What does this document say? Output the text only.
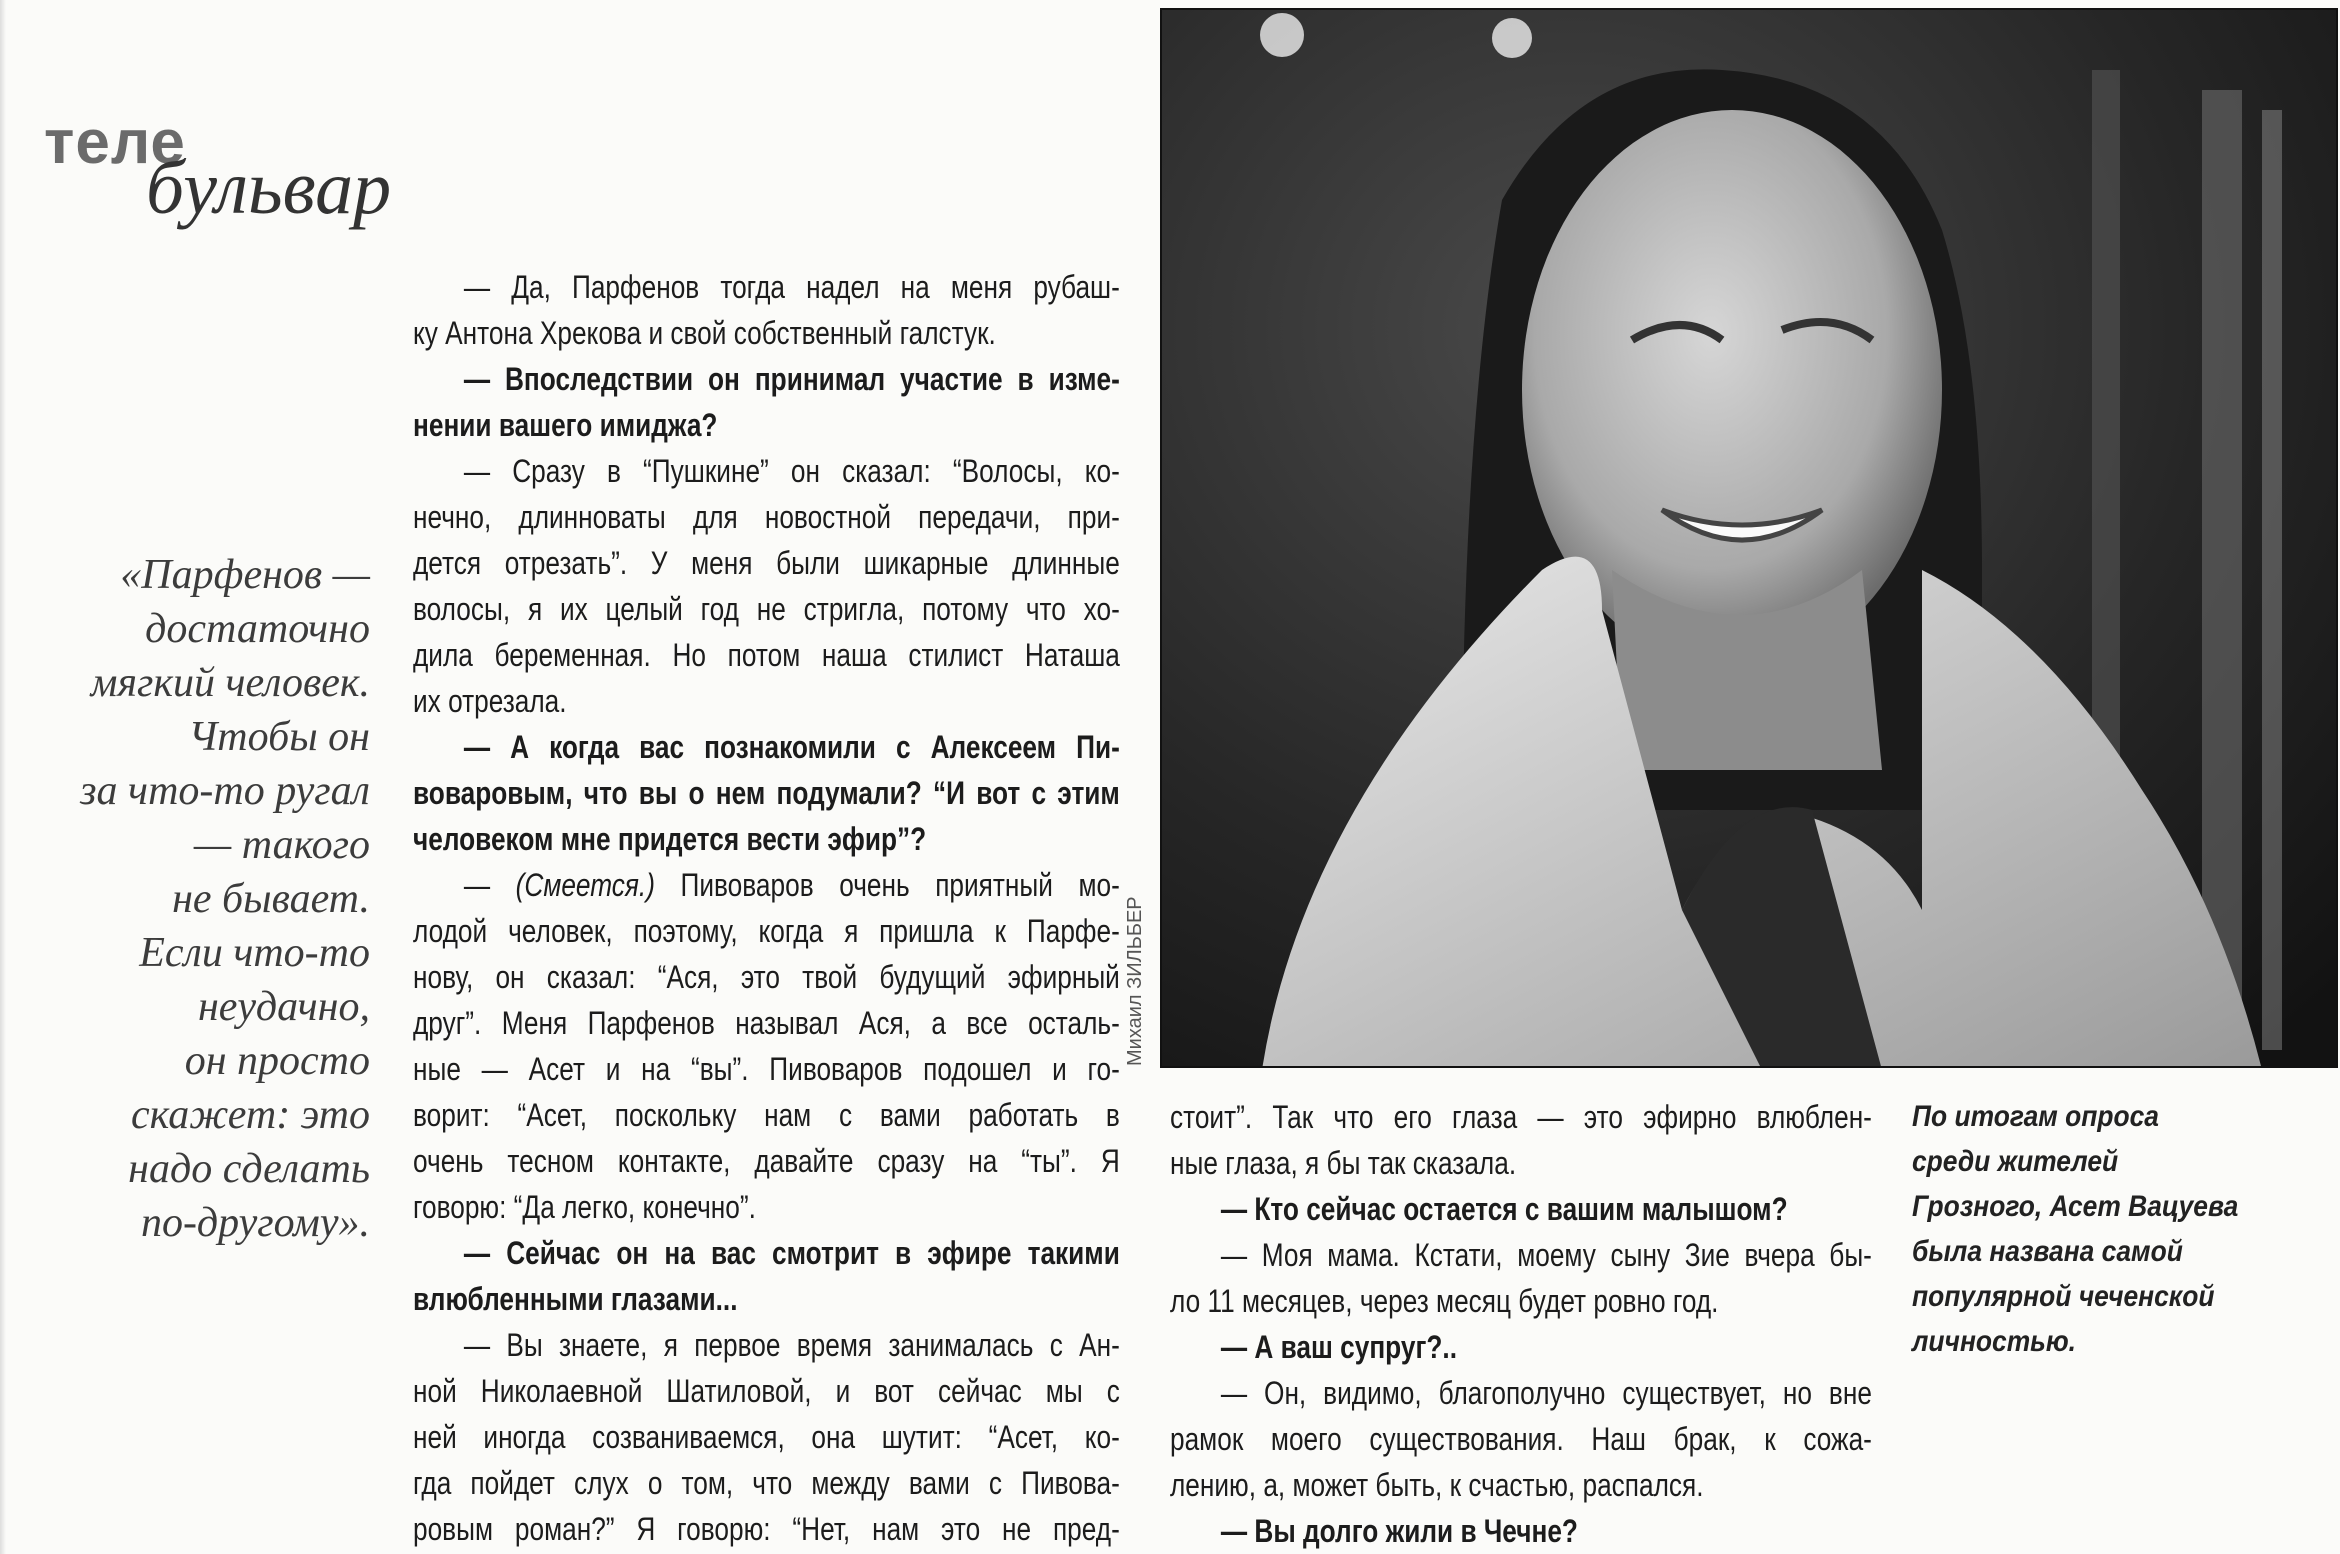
теле
бульвар
«Парфенов —
достаточно
мягкий человек.
Чтобы он
за что-то ругал
— такого
не бывает.
Если что-то
неудачно,
он просто
скажет: это
надо сделать
по-другому».
— Да, Парфенов тогда надел на меня рубаш-
ку Антона Хрекова и свой собственный галстук.
— Впоследствии он принимал участие в изме-
нении вашего имиджа?
— Сразу в “Пушкине” он сказал: “Волосы, ко-
нечно, длинноваты для новостной передачи, при-
дется отрезать”. У меня были шикарные длинные
волосы, я их целый год не стригла, потому что хо-
дила беременная. Но потом наша стилист Наташа
их отрезала.
— А когда вас познакомили с Алексеем Пи-
воваровым, что вы о нем подумали? “И вот с этим
человеком мне придется вести эфир”?
— (Смеется.) Пивоваров очень приятный мо-
лодой человек, поэтому, когда я пришла к Парфе-
нову, он сказал: “Ася, это твой будущий эфирный
друг”. Меня Парфенов называл Ася, а все осталь-
ные — Асет и на “вы”. Пивоваров подошел и го-
ворит: “Асет, поскольку нам с вами работать в
очень тесном контакте, давайте сразу на “ты”. Я
говорю: “Да легко, конечно”.
— Сейчас он на вас смотрит в эфире такими
влюбленными глазами...
— Вы знаете, я первое время занималась с Ан-
ной Николаевной Шатиловой, и вот сейчас мы с
ней иногда созваниваемся, она шутит: “Асет, ко-
гда пойдет слух о том, что между вами с Пивова-
ровым роман?” Я говорю: “Нет, нам это не пред-
Михаил ЗИЛЬБЕР
стоит”. Так что его глаза — это эфирно влюблен-
ные глаза, я бы так сказала.
— Кто сейчас остается с вашим малышом?
— Моя мама. Кстати, моему сыну Зие вчера бы-
ло 11 месяцев, через месяц будет ровно год.
— А ваш супруг?..
— Он, видимо, благополучно существует, но вне
рамок моего существования. Наш брак, к сожа-
лению, а, может быть, к счастью, распался.
— Вы долго жили в Чечне?
По итогам опроса
среди жителей
Грозного, Асет Вацуева
была названа самой
популярной чеченской
личностью.
